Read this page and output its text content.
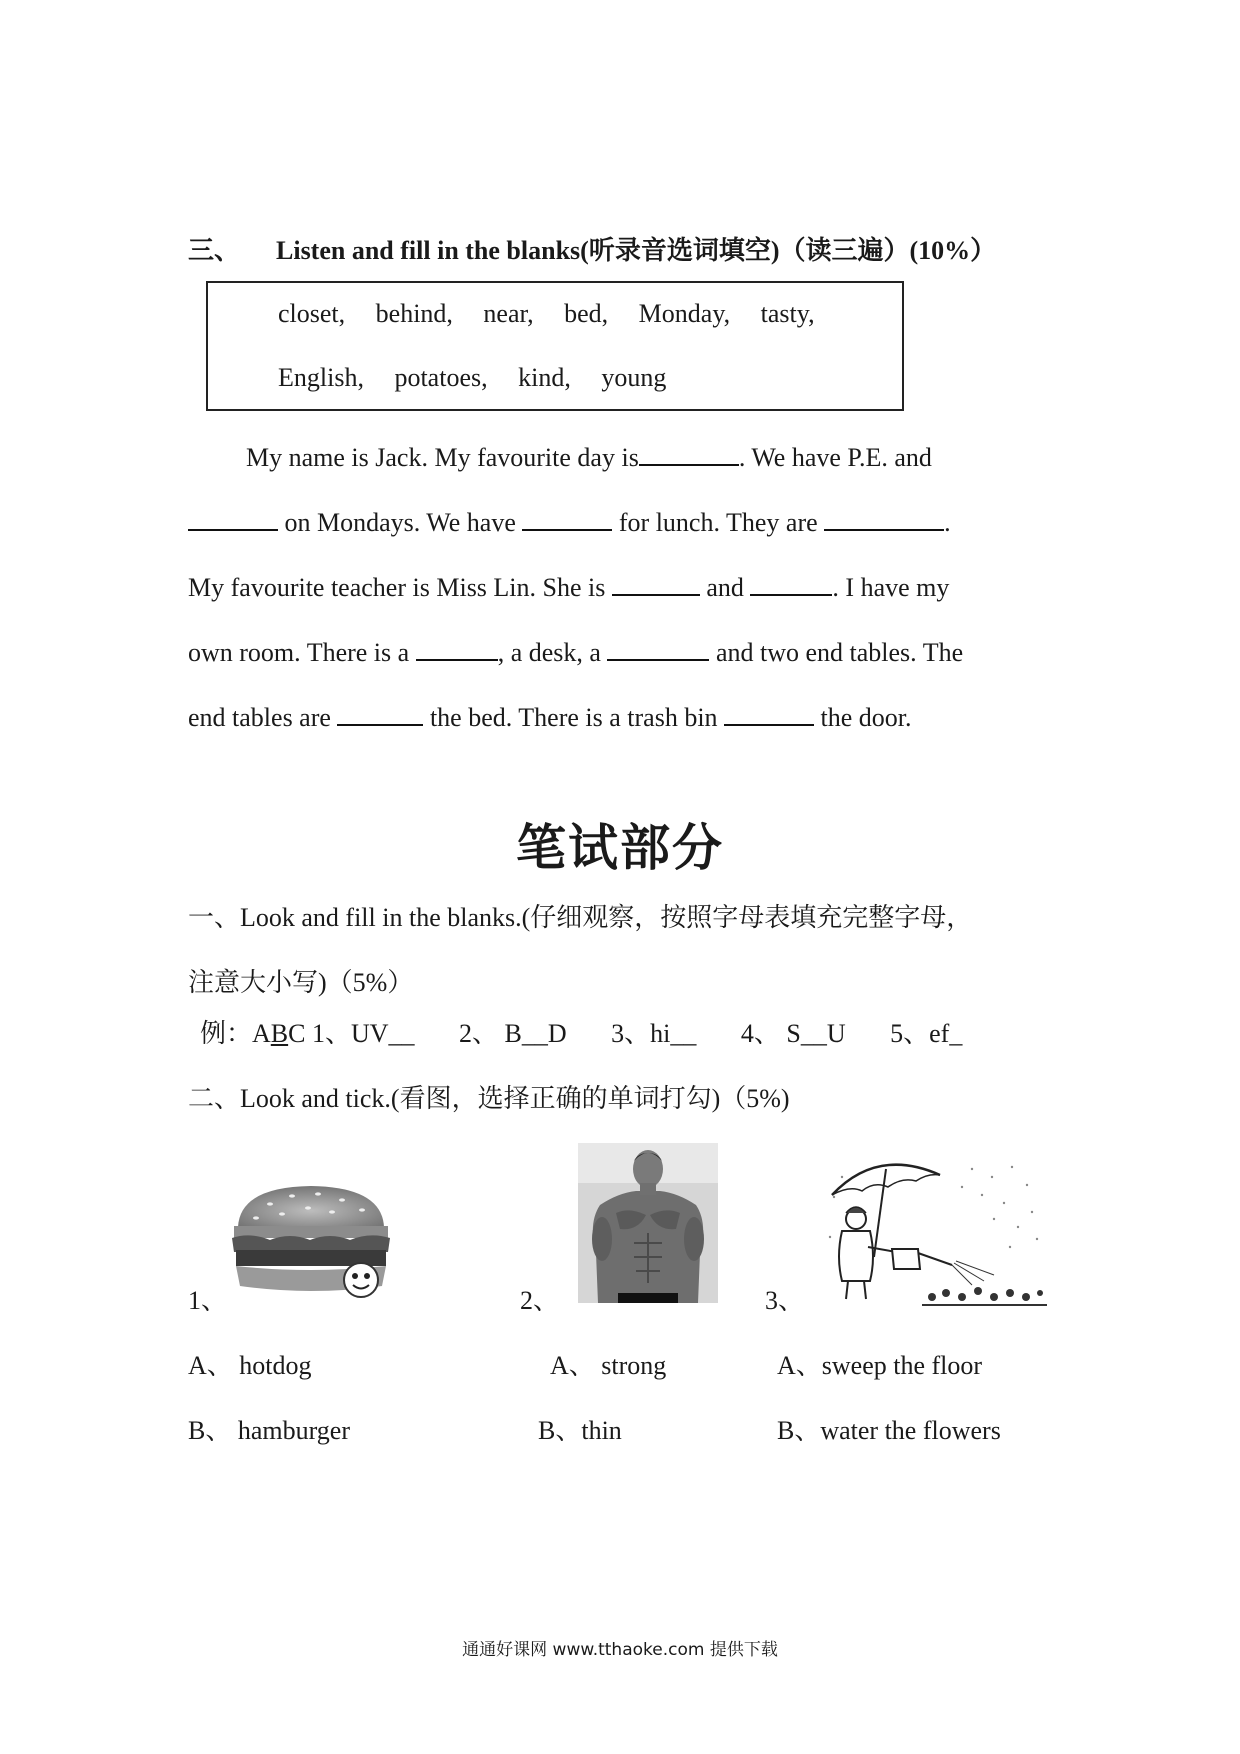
三、 Listen and fill in the blanks(听录音选词填空)（读三遍）(10%）
closet, behind, near, bed, Monday, tasty,
English, potatoes, kind, young

My name is Jack. My favourite day is	. We have P.E. and

on Mondays. We have	for lunch. They are	.

My favourite teacher is Miss Lin. She is	and	. I have my

own room. There is a	, a desk, a	and two end tables. The

end tables are	the bed. There is a trash bin	the door.

笔试部分

一、Look and fill in the blanks.(仔细观察，按照字母表填充完整字母，

注意大小写)（5%）

例：ABC 1、UV__ 2、 B__D 3、hi__ 4、 S__U 5、ef_
二、Look and tick.(看图，选择正确的单词打勾)（5%)
1、	2、	3、
A、 hotdog
B、 hamburger
A、 strong
B、thin
A、sweep the floor
B、water the flowers
通通好课网 www.tthaoke.com 提供下载
